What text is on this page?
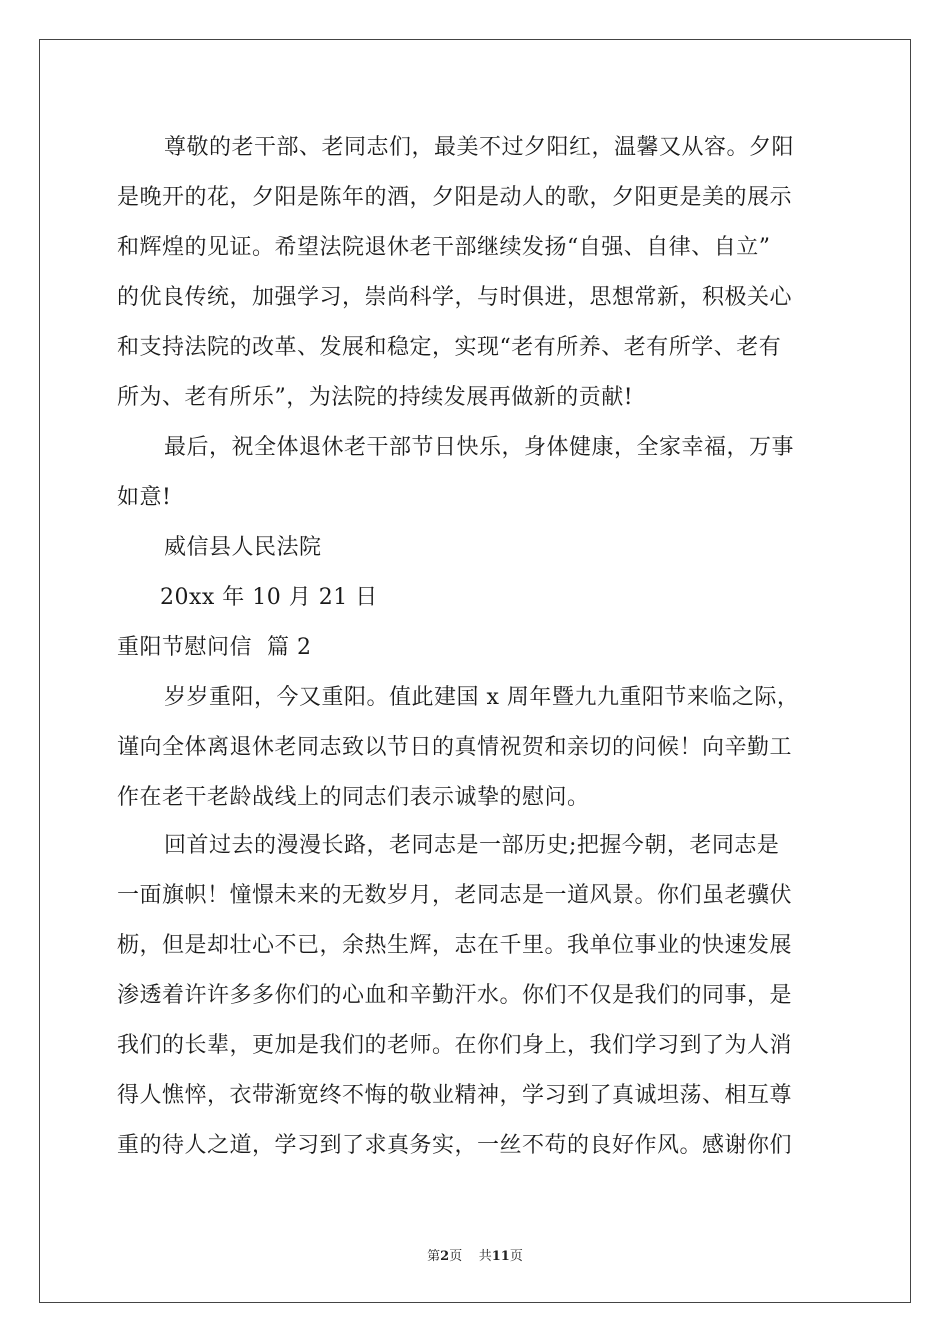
尊敬的老干部、老同志们，最美不过夕阳红，温馨又从容。夕阳
是晚开的花，夕阳是陈年的酒，夕阳是动人的歌，夕阳更是美的展示
和辉煌的见证。希望法院退休老干部继续发扬“自强、自律、自立”
的优良传统，加强学习，崇尚科学，与时俱进，思想常新，积极关心
和支持法院的改革、发展和稳定，实现“老有所养、老有所学、老有
所为、老有所乐”，为法院的持续发展再做新的贡献!
最后，祝全体退休老干部节日快乐，身体健康，全家幸福，万事
如意!
威信县人民法院
20xx 年 10 月 21 日
重阳节慰问信  篇 2
岁岁重阳，今又重阳。值此建国 x 周年暨九九重阳节来临之际，
谨向全体离退休老同志致以节日的真情祝贺和亲切的问候！向辛勤工
作在老干老龄战线上的同志们表示诚挚的慰问。
回首过去的漫漫长路，老同志是一部历史;把握今朝，老同志是
一面旗帜！憧憬未来的无数岁月，老同志是一道风景。你们虽老骥伏
枥，但是却壮心不已，余热生辉，志在千里。我单位事业的快速发展
渗透着许许多多你们的心血和辛勤汗水。你们不仅是我们的同事，是
我们的长辈，更加是我们的老师。在你们身上，我们学习到了为人消
得人憔悴，衣带渐宽终不悔的敬业精神，学习到了真诚坦荡、相互尊
重的待人之道，学习到了求真务实，一丝不苟的良好作风。感谢你们
第2页    共11页
